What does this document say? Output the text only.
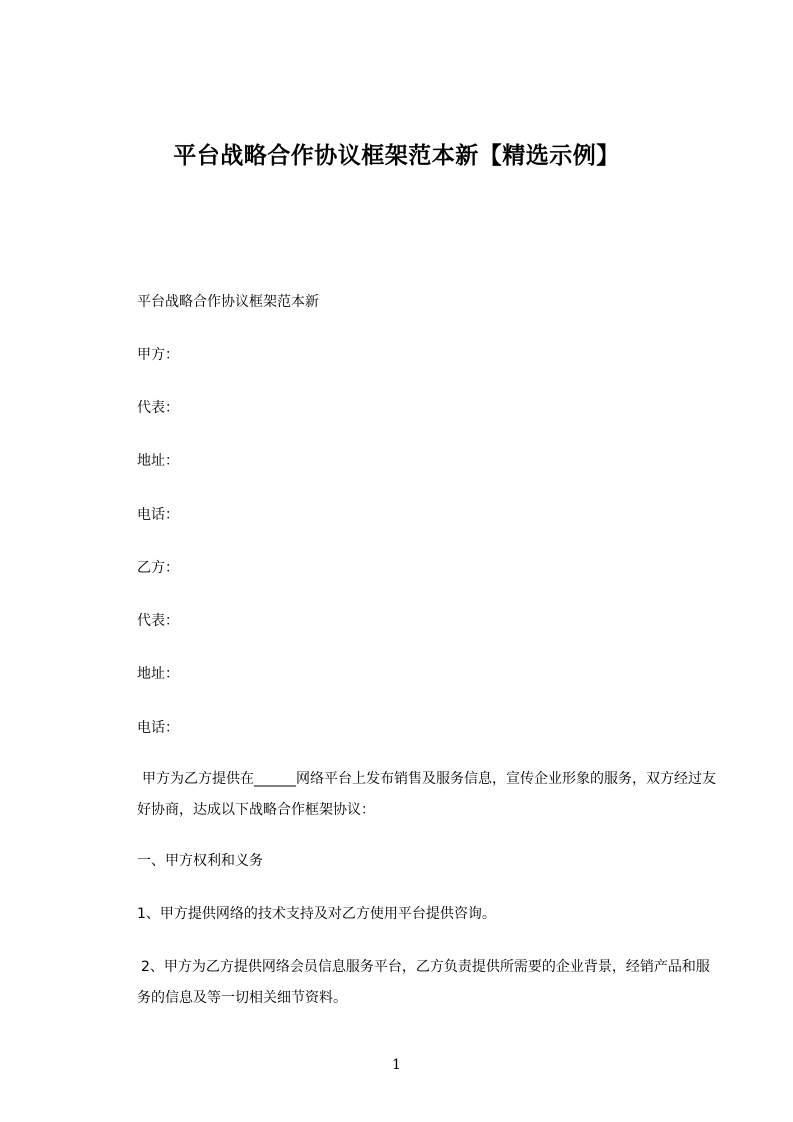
平台战略合作协议框架范本新【精选示例】
平台战略合作协议框架范本新
甲方：
代表：
地址：
电话：
乙方：
代表：
地址：
电话：
甲方为乙方提供在______网络平台上发布销售及服务信息，宣传企业形象的服务，双方经过友好协商，达成以下战略合作框架协议：
一、甲方权利和义务
1、甲方提供网络的技术支持及对乙方使用平台提供咨询。
2、甲方为乙方提供网络会员信息服务平台，乙方负责提供所需要的企业背景，经销产品和服务的信息及等一切相关细节资料。
1
